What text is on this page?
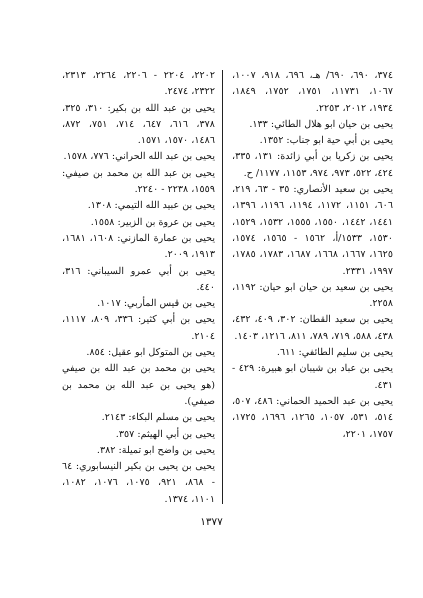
٣٧٤، ٦٩٠، ٦٩٠/ هـ، ٦٩٦، ٩١٨، ١٠٠٧، ١٠٦٧، ١١٧٣١، ١٧٥١، ١٧٥٢، ١٨٤٩، ١٩٣٤، ٢٠١٢، ٢٢٥٣.

يحيى بن حيان ابو هلال الطائي: ١٣٣.

يحيى بن أبي حية ابو جناب: ١٣٥٢.

يحيى بن زكريا بن أبي زائدة: ١٣١، ٣٣٥، ٤٢٤، ٥٢٢، ٩٧٣، ٩٧٤، ١١٥٣، ١١٧٧/ ح.

يحيى بن سعيد الأنصاري: ٣٥ - ٦٣، ٢١٩، ٦٠٦، ١١٥١، ١١٧٢، ١١٩٤، ١١٩٦، ١٣٩٦، ١٤٤١، ١٤٤٢، ١٥٥٠، ١٥٥٥، ١٥٣٢، ١٥٢٩، ١٥٣٠، ١٥٣٣/أ، ١٥٦٢ - ١٥٦٥، ١٥٧٤، ١٦٢٥، ١٦٦٧، ١٦٦٨، ١٦٨٧، ١٧٨٣، ١٧٨٥، ١٩٩٧، ٢٣٣١.

يحيى بن سعيد بن حيان ابو حيان: ١١٩٢، ٢٢٥٨.

يحيى بن سعيد القطان: ٣٠٢، ٤٠٩، ٤٣٢، ٤٣٨، ٥٨٨، ٧١٩، ٧٨٩، ٨١١، ١٢١٦، ١٤٠٣.

يحيى بن سليم الطائفي: ٦١١.

يحيى بن عباد بن شيبان ابو هبيرة: ٤٢٩ - ٤٣١.

يحيى بن عبد الحميد الحماني: ٤٨٦، ٥٠٧، ٥١٤، ٥٣١، ١٠٥٧، ١٢٦٥، ١٦٩٦، ١٧٢٥، ١٧٥٧، ٢٢٠١،

٢٢٠٢، ٢٢٠٤ - ٢٢٠٦، ٢٢٦٤، ٢٣١٣، ٢٣٢٢، ٢٤٧٤.

يحيى بن عبد الله بن بكير: ٣١٠، ٣٢٥، ٣٧٨، ٦١٦، ٦٤٧، ٧١٤، ٧٥١، ٨٧٢، ١٤٨٦، ١٥٧٠، ١٥٧١.

يحيى بن عبد الله الحراني: ٧٧٦، ١٥٧٨.

يحيى بن عبد الله بن محمد بن صيفي: ١٥٥٩، ٢٢٣٨ - ٢٢٤٠.

يحيى بن عبيد الله التيمي: ١٣٠٨.

يحيى بن عروة بن الزبير: ١٥٥٨.

يحيى بن عمارة المازني: ١٦٠٨، ١٦٨١، ١٩١٣، ٢٠٠٩.

يحيى بن أبي عمرو السيباني: ٣١٦، ٤٤٠.

يحيى بن قيس المأربي: ١٠١٧.

يحيى بن أبي كثير: ٣٣٦، ٨٠٩، ١١١٧، ٢١٠٤.

يحيى بن المتوكل ابو عقيل: ٨٥٤.

يحيى بن محمد بن عبد الله بن صيفي (هو يحيى بن عبد الله بن محمد بن صيفي).

يحيى بن مسلم البكاء: ٢١٤٣.

يحيى بن أبي الهيثم: ٣٥٧.

يحيى بن واضح ابو تميلة: ٣٨٢.

يحيى بن يحيى بن بكير النيسابوري: ٦٤ - ٨٦٨، ٩٢١، ١٠٧٥، ١٠٧٦، ١٠٨٢، ١١٠١، ١٣٧٤.

١٣٧٧
